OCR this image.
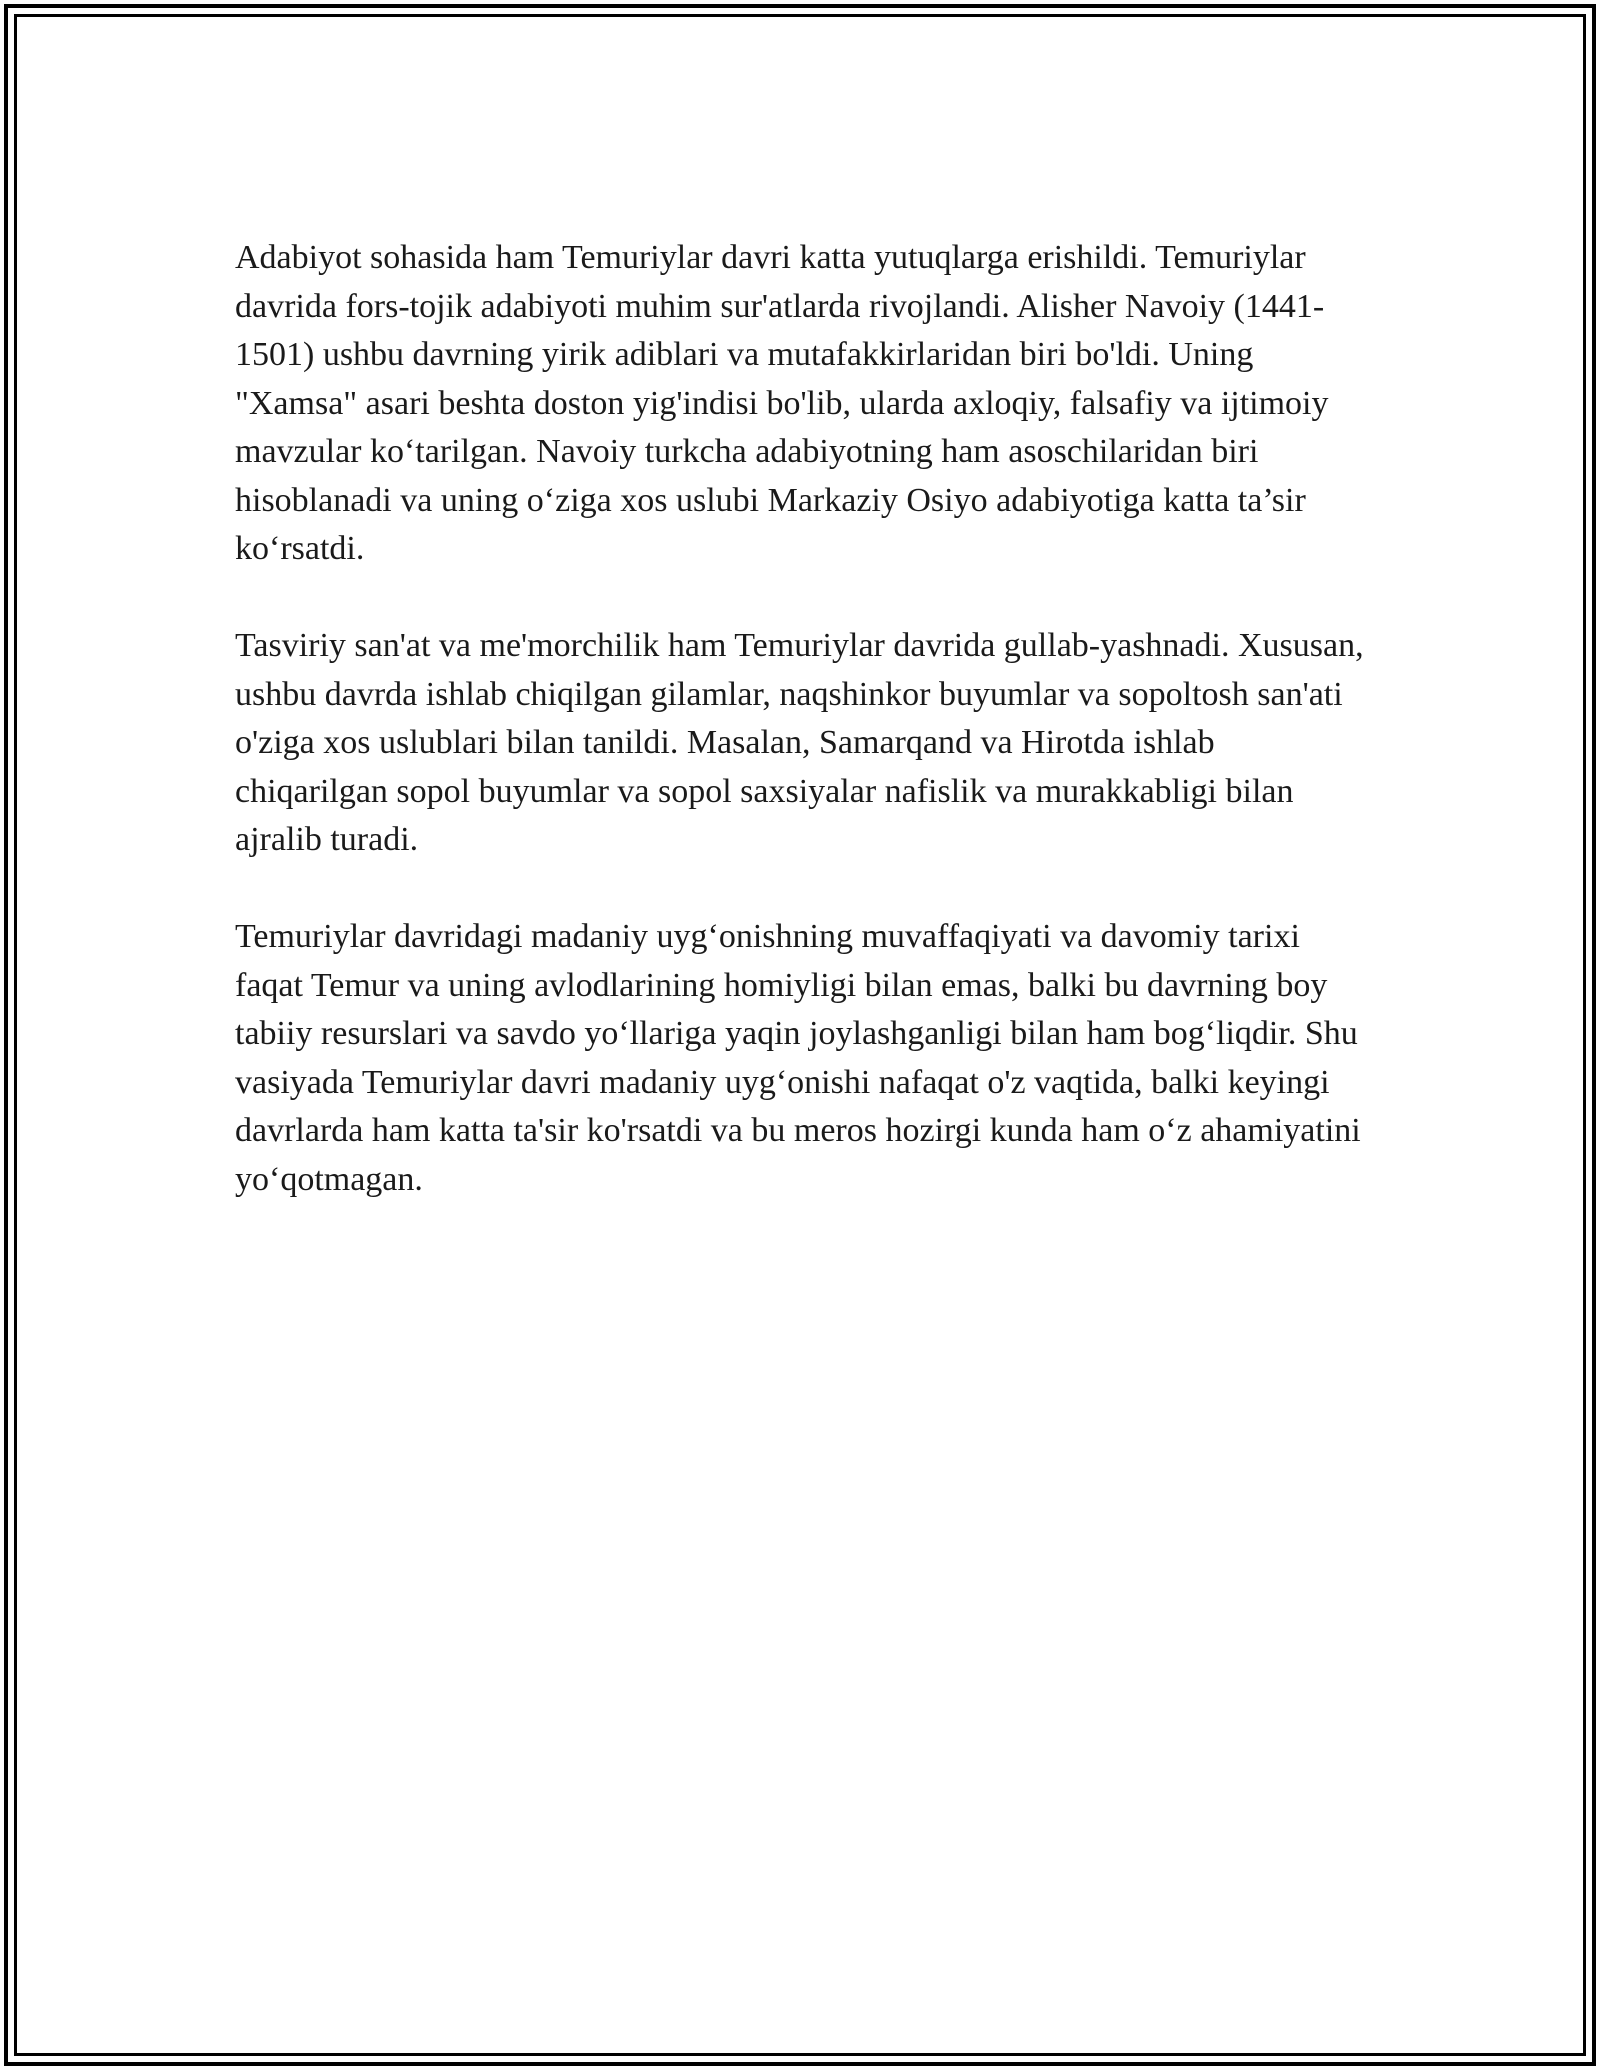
Adabiyot sohasida ham Temuriylar davri katta yutuqlarga erishildi. Temuriylar davrida fors-tojik adabiyoti muhim sur'atlarda rivojlandi. Alisher Navoiy (1441-1501) ushbu davrning yirik adiblari va mutafakkirlaridan biri bo'ldi. Uning "Xamsa" asari beshta doston yig'indisi bo'lib, ularda axloqiy, falsafiy va ijtimoiy mavzular ko‘tarilgan. Navoiy turkcha adabiyotning ham asoschilaridan biri hisoblanadi va uning o‘ziga xos uslubi Markaziy Osiyo adabiyotiga katta ta’sir ko‘rsatdi.

Tasviriy san'at va me'morchilik ham Temuriylar davrida gullab-yashnadi. Xususan, ushbu davrda ishlab chiqilgan gilamlar, naqshinkor buyumlar va sopoltosh san'ati o'ziga xos uslublari bilan tanildi. Masalan, Samarqand va Hirotda ishlab chiqarilgan sopol buyumlar va sopol saxsiyalar nafislik va murakkabligi bilan ajralib turadi.

Temuriylar davridagi madaniy uyg‘onishning muvaffaqiyati va davomiy tarixi faqat Temur va uning avlodlarining homiyligi bilan emas, balki bu davrning boy tabiiy resurslari va savdo yo‘llariga yaqin joylashganligi bilan ham bog‘liqdir. Shu vasiyada Temuriylar davri madaniy uyg‘onishi nafaqat o'z vaqtida, balki keyingi davrlarda ham katta ta'sir ko'rsatdi va bu meros hozirgi kunda ham o‘z ahamiyatini yo‘qotmagan.
